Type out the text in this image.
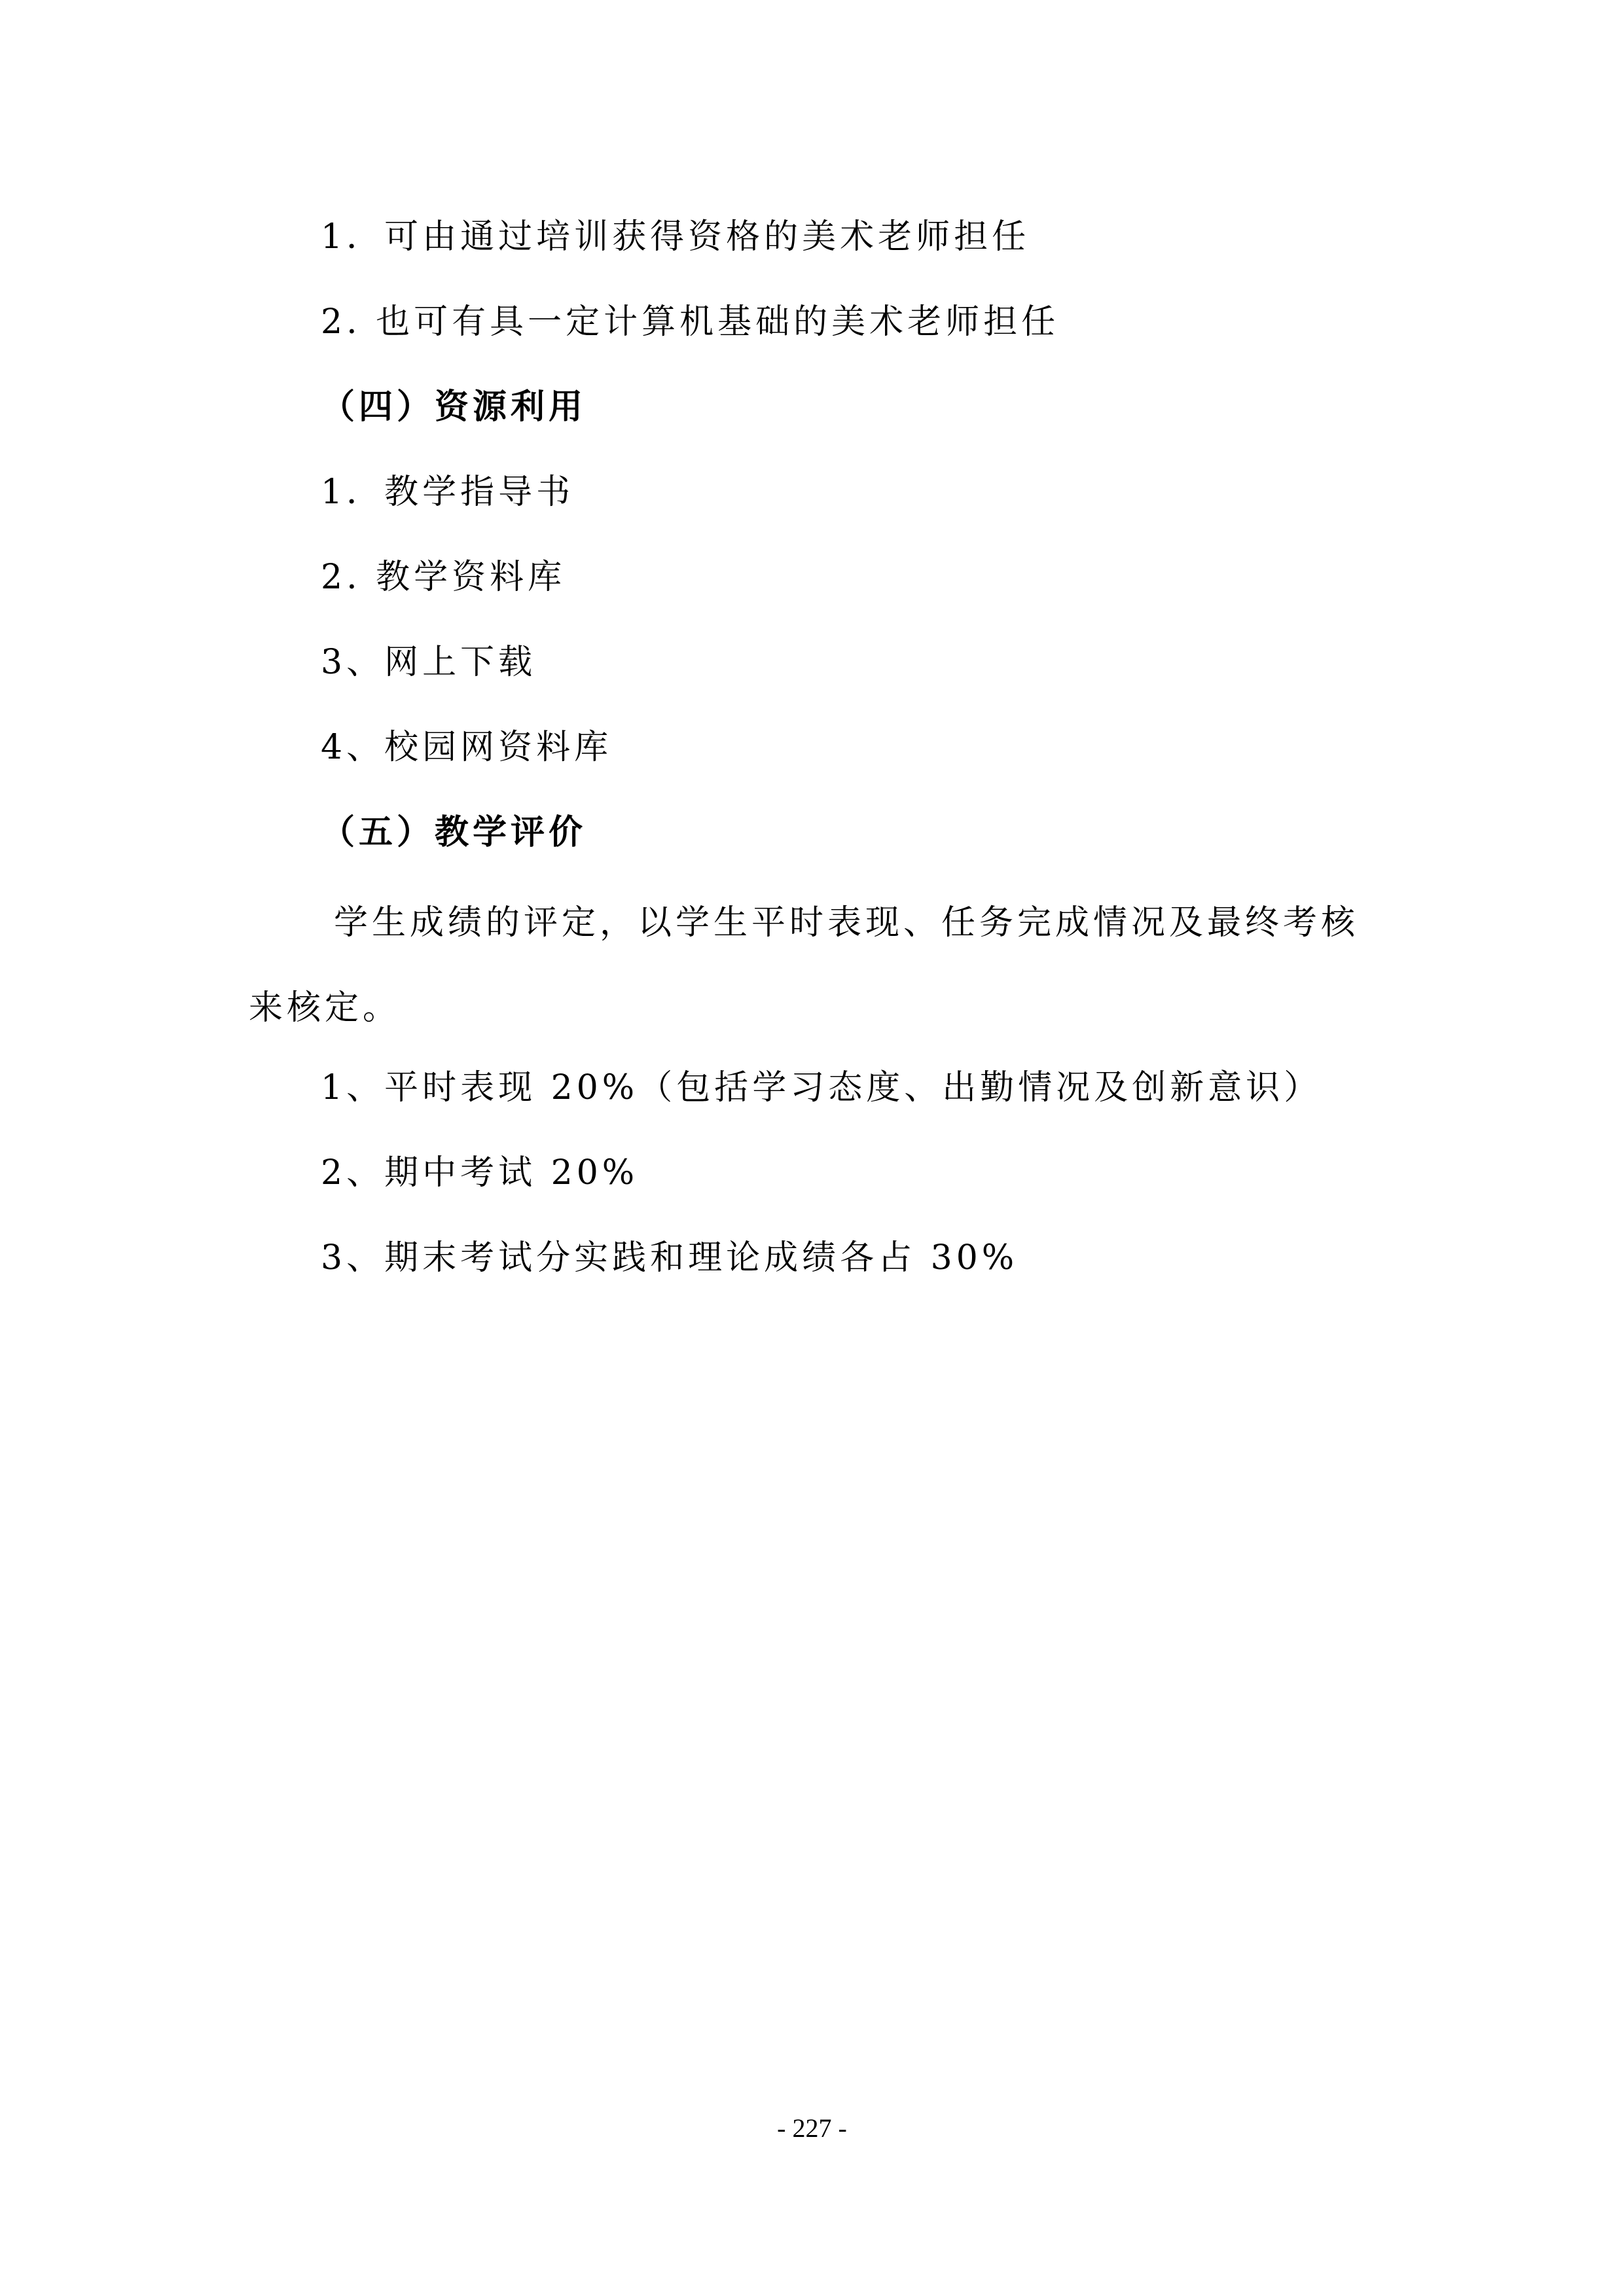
1．可由通过培训获得资格的美术老师担任
2. 也可有具一定计算机基础的美术老师担任
（四）资源利用
1．教学指导书
2. 教学资料库
3、网上下载
4、校园网资料库
（五）教学评价
学生成绩的评定，以学生平时表现、任务完成情况及最终考核来核定。
1、平时表现 20%（包括学习态度、出勤情况及创新意识）
2、期中考试 20%
3、期末考试分实践和理论成绩各占 30%
- 227 -
